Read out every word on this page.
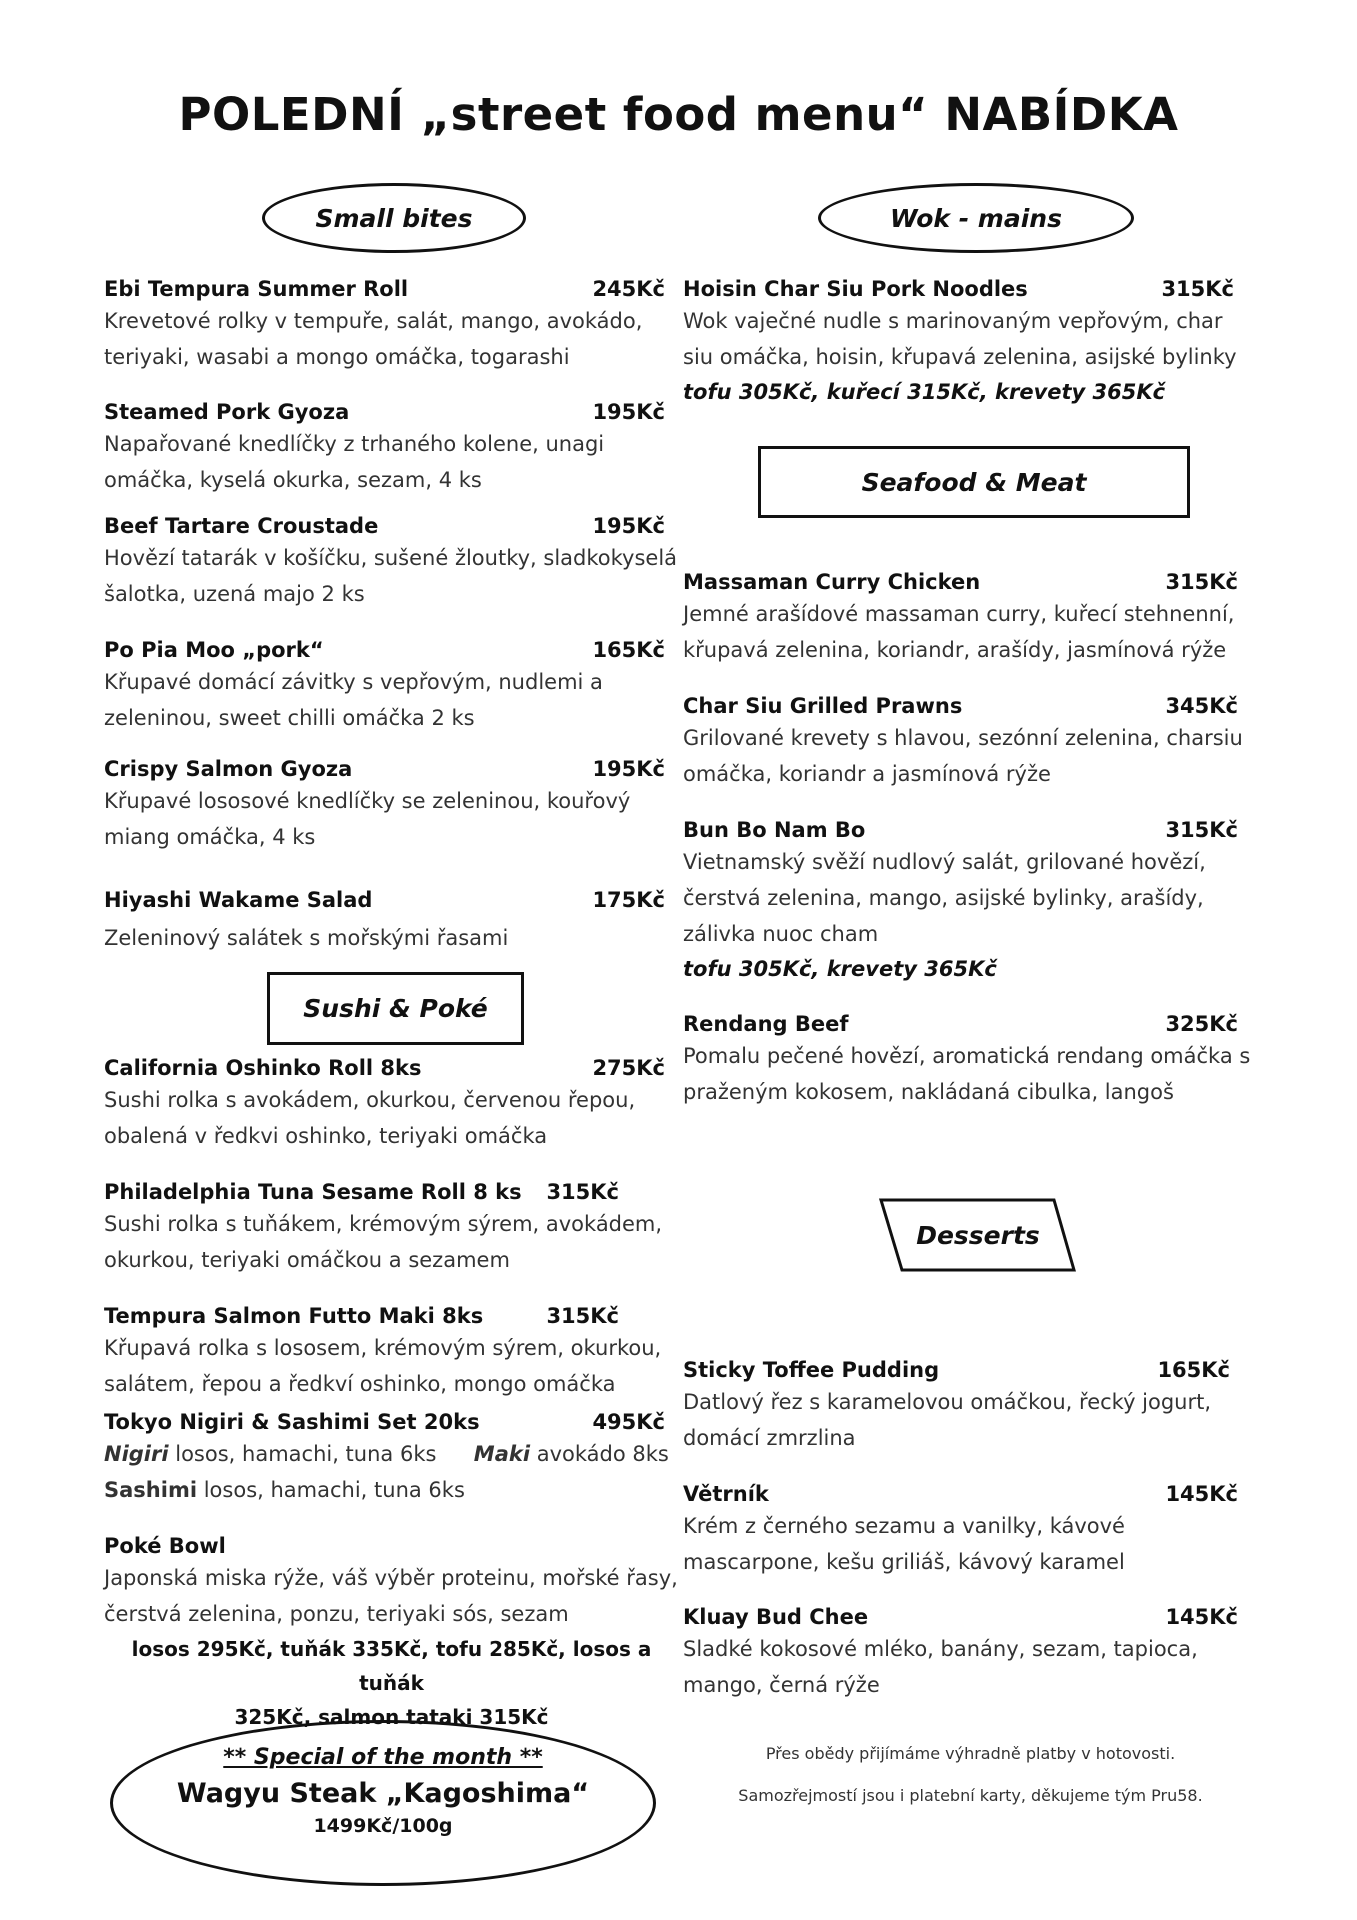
POLEDNÍ „street food menu“ NABÍDKA
Small bites	Wok - mains
Seafood & Meat
Sushi & Poké
Desserts
Ebi Tempura Summer Roll	245Kč
Krevetové rolky v tempuře, salát, mango, avokádo, teriyaki, wasabi a mongo omáčka, togarashi
Steamed Pork Gyoza	195Kč
Napařované knedlíčky z trhaného kolene, unagi omáčka, kyselá okurka, sezam, 4 ks
Beef Tartare Croustade	195Kč
Hovězí tatarák v košíčku, sušené žloutky, sladkokyselá šalotka, uzená majo 2 ks
Po Pia Moo „pork“	165Kč
Křupavé domácí závitky s vepřovým, nudlemi a zeleninou, sweet chilli omáčka 2 ks
Crispy Salmon Gyoza	195Kč
Křupavé lososové knedlíčky se zeleninou, kouřový miang omáčka, 4 ks
Hiyashi Wakame Salad	175Kč
Zeleninový salátek s mořskými řasami
California Oshinko Roll 8ks	275Kč
Sushi rolka s avokádem, okurkou, červenou řepou, obalená v ředkvi oshinko, teriyaki omáčka
Philadelphia Tuna Sesame Roll 8 ks 315Kč
Sushi rolka s tuňákem, krémovým sýrem, avokádem, okurkou, teriyaki omáčkou a sezamem
Tempura Salmon Futto Maki 8ks	315Kč
Křupavá rolka s lososem, krémovým sýrem, okurkou, salátem, řepou a ředkví oshinko, mongo omáčka
Tokyo Nigiri & Sashimi Set 20ks	495Kč
Nigiri losos, hamachi, tuna 6ks Maki avokádo 8ks
Sashimi losos, hamachi, tuna 6ks
Poké Bowl
Japonská miska rýže, váš výběr proteinu, mořské řasy, čerstvá zelenina, ponzu, teriyaki sós, sezam
losos 295Kč, tuňák 335Kč, tofu 285Kč, losos a tuňák
325Kč, salmon tataki 315Kč
Hoisin Char Siu Pork Noodles	315Kč
Wok vaječné nudle s marinovaným vepřovým, char siu omáčka, hoisin, křupavá zelenina, asijské bylinky
tofu 305Kč, kuřecí 315Kč, krevety 365Kč
Massaman Curry Chicken	315Kč
Jemné arašídové massaman curry, kuřecí stehnenní, křupavá zelenina, koriandr, arašídy, jasmínová rýže
Char Siu Grilled Prawns	345Kč
Grilované krevety s hlavou, sezónní zelenina, charsiu omáčka, koriandr a jasmínová rýže
Bun Bo Nam Bo	315Kč
Vietnamský svěží nudlový salát, grilované hovězí, čerstvá zelenina, mango, asijské bylinky, arašídy, zálivka nuoc cham
tofu 305Kč, krevety 365Kč
Rendang Beef	325Kč
Pomalu pečené hovězí, aromatická rendang omáčka s praženým kokosem, nakládaná cibulka, langoš
Sticky Toffee Pudding	165Kč
Datlový řez s karamelovou omáčkou, řecký jogurt, domácí zmrzlina
Větrník	145Kč
Krém z černého sezamu a vanilky, kávové mascarpone, kešu griliáš, kávový karamel
Kluay Bud Chee	145Kč
Sladké kokosové mléko, banány, sezam, tapioca, mango, černá rýže
** Special of the month **
Wagyu Steak „Kagoshima“
1499Kč/100g
Přes obědy přijímáme výhradně platby v hotovosti.
Samozřejmostí jsou i platební karty, děkujeme tým Pru58.
